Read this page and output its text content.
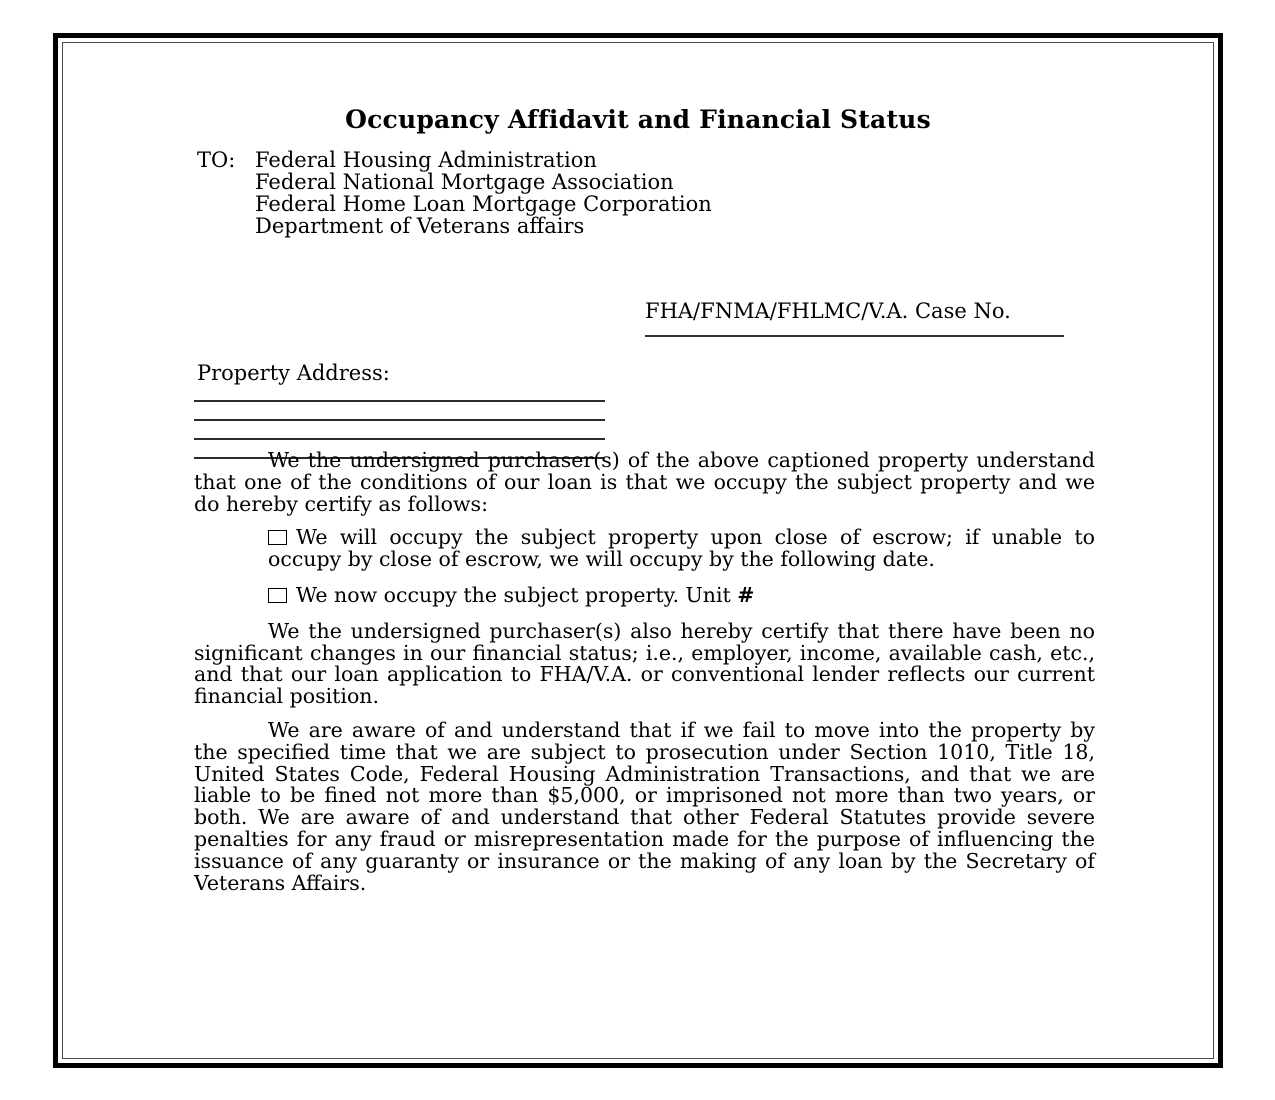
Occupancy Affidavit and Financial Status
TO: Federal Housing Administration
Federal National Mortgage Association
Federal Home Loan Mortgage Corporation
Department of Veterans affairs
FHA/FNMA/FHLMC/V.A. Case No.
Property Address:

We the undersigned purchaser(s) of the above captioned property understand that one of the conditions of our loan is that we occupy the subject property and we do hereby certify as follows:

We will occupy the subject property upon close of escrow; if unable to occupy by close of escrow, we will occupy by the following date.
We now occupy the subject property. Unit #

We the undersigned purchaser(s) also hereby certify that there have been no significant changes in our financial status; i.e., employer, income, available cash, etc., and that our loan application to FHA/V.A. or conventional lender reflects our current financial position.

We are aware of and understand that if we fail to move into the property by the specified time that we are subject to prosecution under Section 1010, Title 18, United States Code, Federal Housing Administration Transactions, and that we are liable to be fined not more than $5,000, or imprisoned not more than two years, or both. We are aware of and understand that other Federal Statutes provide severe penalties for any fraud or misrepresentation made for the purpose of influencing the issuance of any guaranty or insurance or the making of any loan by the Secretary of Veterans Affairs.
